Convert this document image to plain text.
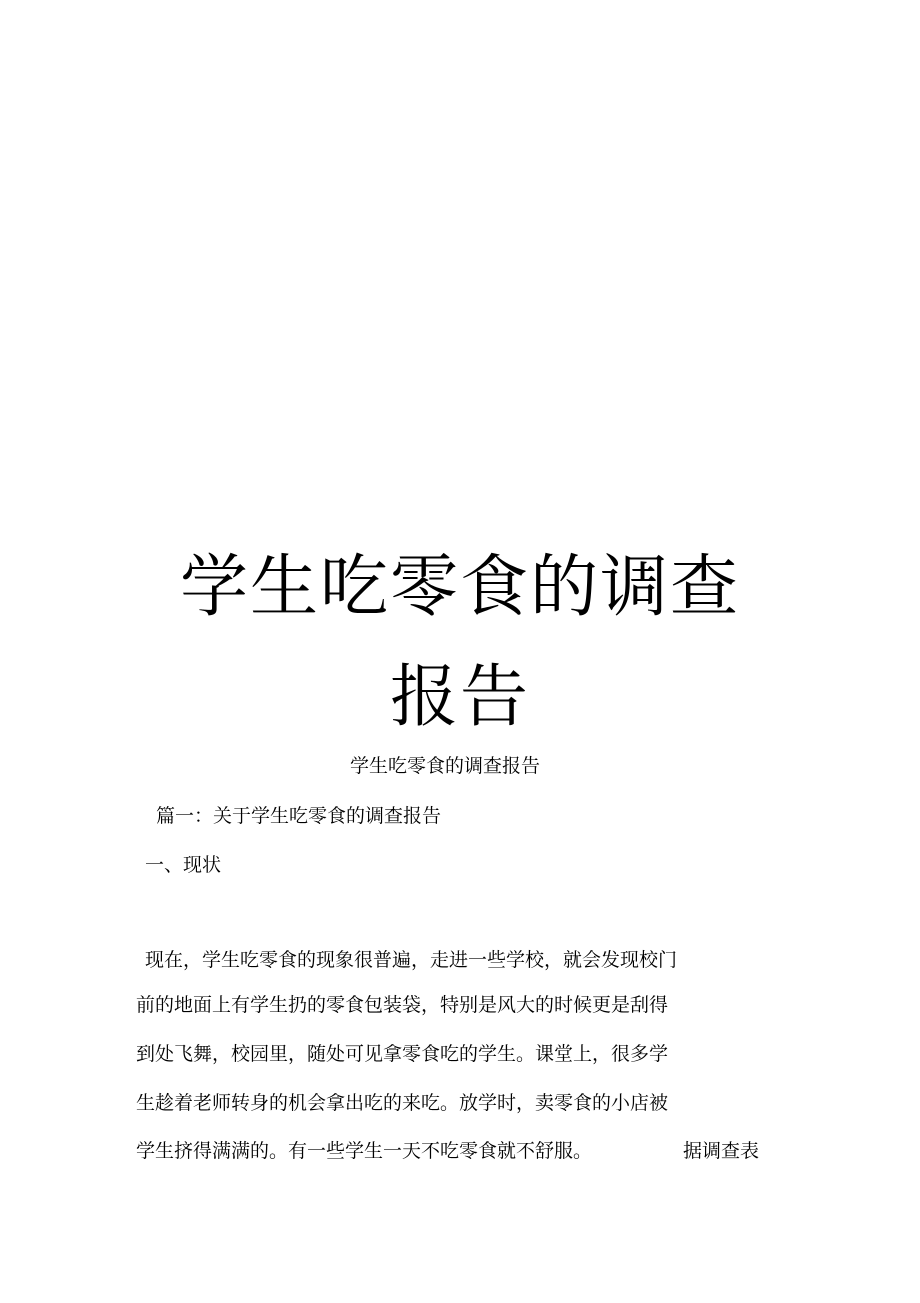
学生吃零食的调查
报告
学生吃零食的调查报告
篇一：关于学生吃零食的调查报告
一、现状
现在，学生吃零食的现象很普遍，走进一些学校，就会发现校门
前的地面上有学生扔的零食包装袋，特别是风大的时候更是刮得
到处飞舞，校园里，随处可见拿零食吃的学生。课堂上，很多学
生趁着老师转身的机会拿出吃的来吃。放学时，卖零食的小店被
学生挤得满满的。有一些学生一天不吃零食就不舒服。	据调查表
